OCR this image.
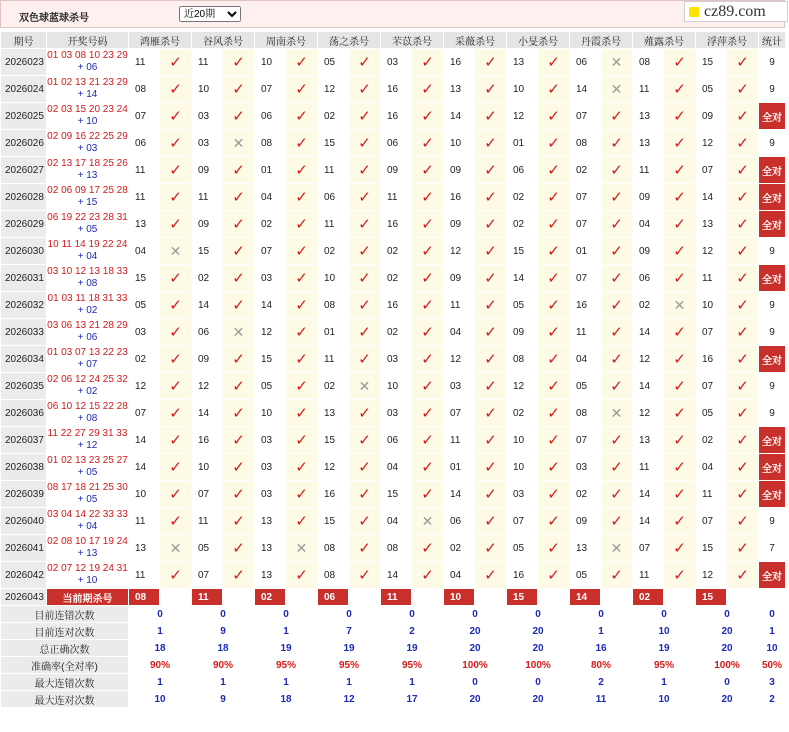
双色球蓝球杀号
近20期	cz89.com
期号	开奖号码	鸿雁杀号		谷风杀号		周南杀号		荡之杀号		芣苡杀号		采薇杀号		小旻杀号		丹霞杀号		薤露杀号		浮萍杀号		统计
2026023	01 03 08 10 23 29
+ 06	11	✓	11	✓	10	✓	05	✓	03	✓	16	✓	13	✓	06	✕	08	✓	15	✓	9
2026024	01 02 13 21 23 29
+ 14	08	✓	10	✓	07	✓	12	✓	16	✓	13	✓	10	✓	14	✕	11	✓	05	✓	9
2026025	02 03 15 20 23 24
+ 10	07	✓	03	✓	06	✓	02	✓	16	✓	14	✓	12	✓	07	✓	13	✓	09	✓	全对
2026026	02 09 16 22 25 29
+ 03	06	✓	03	✕	08	✓	15	✓	06	✓	10	✓	01	✓	08	✓	13	✓	12	✓	9
2026027	02 13 17 18 25 26
+ 13	11	✓	09	✓	01	✓	11	✓	09	✓	09	✓	06	✓	02	✓	11	✓	07	✓	全对
2026028	02 06 09 17 25 28
+ 15	11	✓	11	✓	04	✓	06	✓	11	✓	16	✓	02	✓	07	✓	09	✓	14	✓	全对
2026029	06 19 22 23 28 31
+ 05	13	✓	09	✓	02	✓	11	✓	16	✓	09	✓	02	✓	07	✓	04	✓	13	✓	全对
2026030	10 11 14 19 22 24
+ 04	04	✕	15	✓	07	✓	02	✓	02	✓	12	✓	15	✓	01	✓	09	✓	12	✓	9
2026031	03 10 12 13 18 33
+ 08	15	✓	02	✓	03	✓	10	✓	02	✓	09	✓	14	✓	07	✓	06	✓	11	✓	全对
2026032	01 03 11 18 31 33
+ 02	05	✓	14	✓	14	✓	08	✓	16	✓	11	✓	05	✓	16	✓	02	✕	10	✓	9
2026033	03 06 13 21 28 29
+ 06	03	✓	06	✕	12	✓	01	✓	02	✓	04	✓	09	✓	11	✓	14	✓	07	✓	9
2026034	01 03 07 13 22 23
+ 07	02	✓	09	✓	15	✓	11	✓	03	✓	12	✓	08	✓	04	✓	12	✓	16	✓	全对
2026035	02 06 12 24 25 32
+ 02	12	✓	12	✓	05	✓	02	✕	10	✓	03	✓	12	✓	05	✓	14	✓	07	✓	9
2026036	06 10 12 15 22 28
+ 08	07	✓	14	✓	10	✓	13	✓	03	✓	07	✓	02	✓	08	✕	12	✓	05	✓	9
2026037	11 22 27 29 31 33
+ 12	14	✓	16	✓	03	✓	15	✓	06	✓	11	✓	10	✓	07	✓	13	✓	02	✓	全对
2026038	01 02 13 23 25 27
+ 05	14	✓	10	✓	03	✓	12	✓	04	✓	01	✓	10	✓	03	✓	11	✓	04	✓	全对
2026039	08 17 18 21 25 30
+ 05	10	✓	07	✓	03	✓	16	✓	15	✓	14	✓	03	✓	02	✓	14	✓	11	✓	全对
2026040	03 04 14 22 33 33
+ 04	11	✓	11	✓	13	✓	15	✓	04	✕	06	✓	07	✓	09	✓	14	✓	07	✓	9
2026041	02 08 10 17 19 24
+ 13	13	✕	05	✓	13	✕	08	✓	08	✓	02	✓	05	✓	13	✕	07	✓	15	✓	7
2026042	02 07 12 19 24 31
+ 10	11	✓	07	✓	13	✓	08	✓	14	✓	04	✓	16	✓	05	✓	11	✓	12	✓	全对
2026043	当前期杀号	08		11		02		06		11		10		15		14		02		15		
目前连错次数		0		0		0		0		0		0		0		0		0		0		0
目前连对次数		1		9		1		7		2		20		20		1		10		20		1
总正确次数		18		18		19		19		19		20		20		16		19		20		10
准确率(全对率)		90%		90%		95%		95%		95%		100%		100%		80%		95%		100%		50%
最大连错次数		1		1		1		1		1		0		0		2		1		0		3
最大连对次数		10		9		18		12		17		20		20		11		10		20		2
